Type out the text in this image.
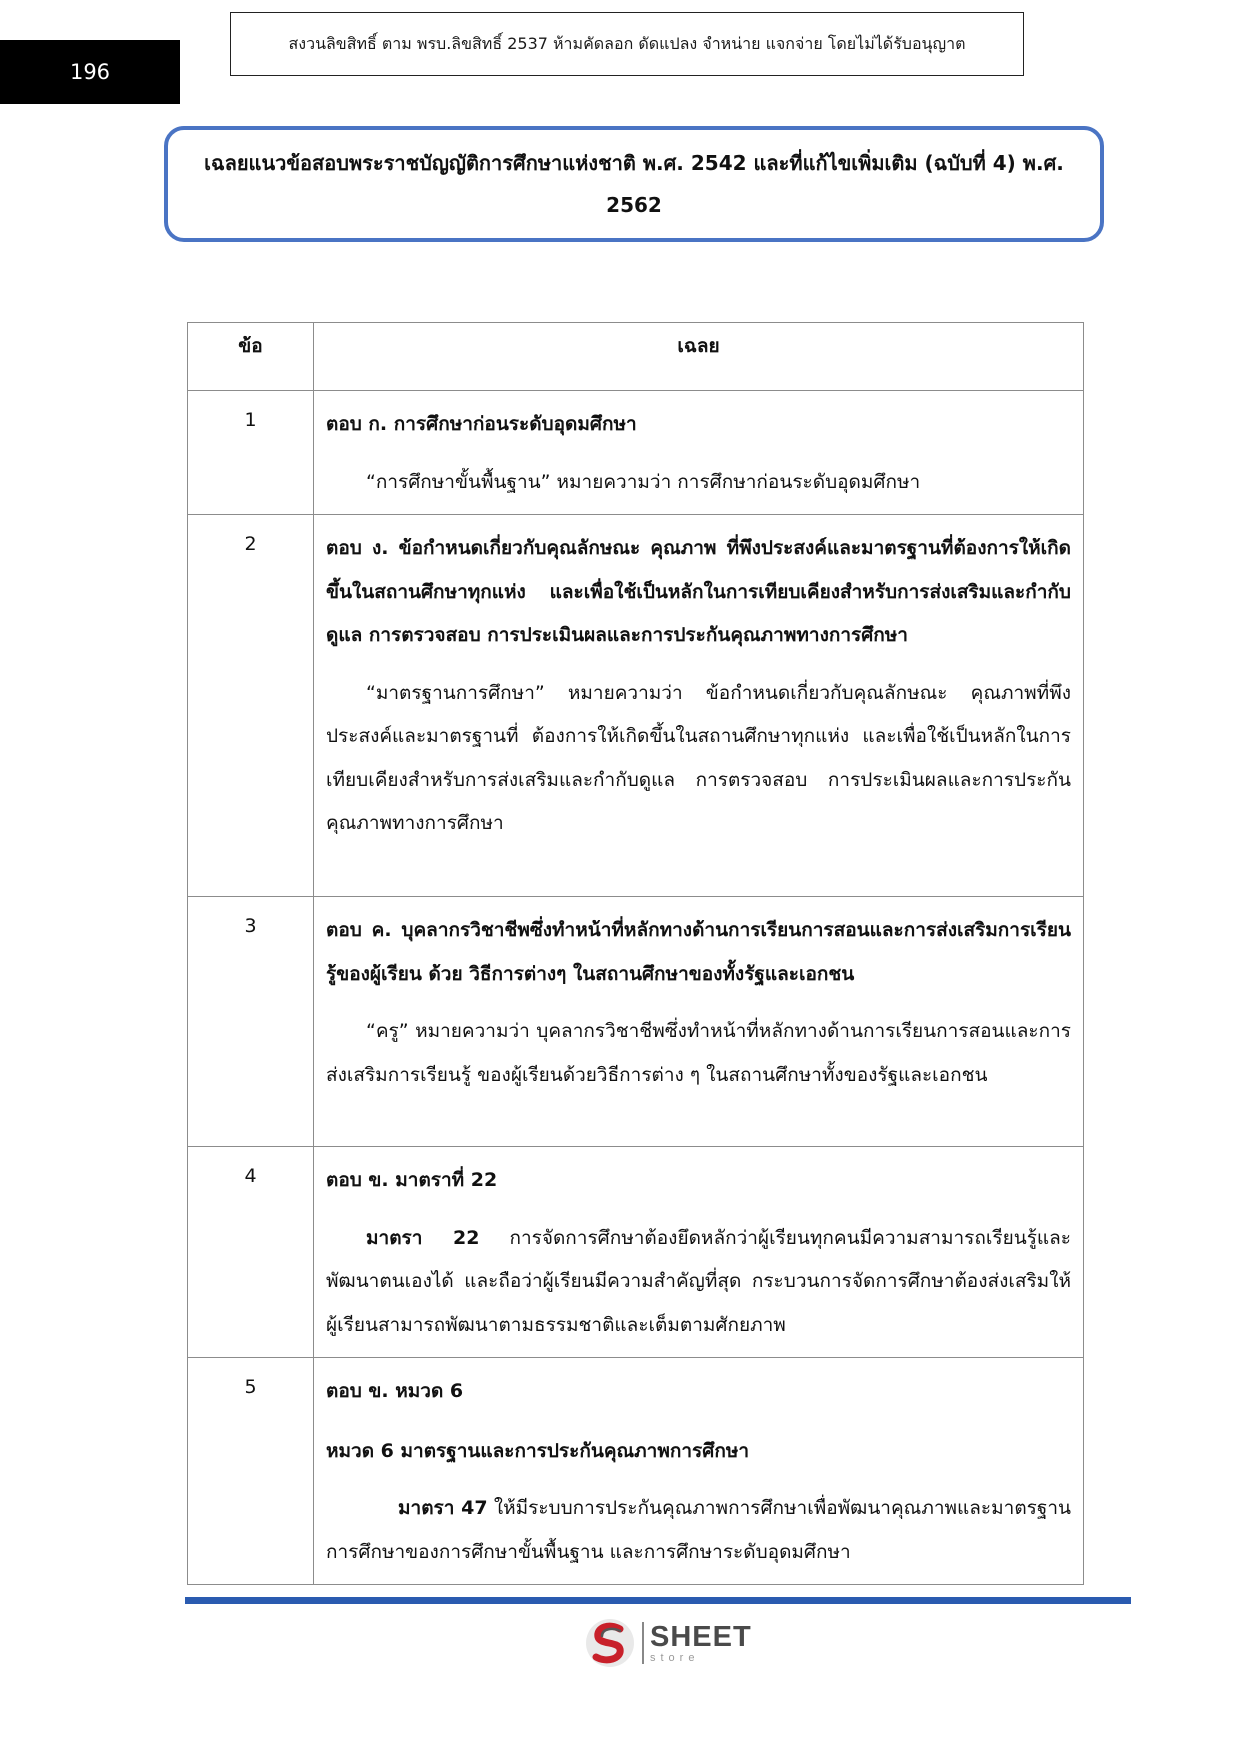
196
สงวนลิขสิทธิ์ ตาม พรบ.ลิขสิทธิ์ 2537 ห้ามคัดลอก ดัดแปลง จำหน่าย แจกจ่าย โดยไม่ได้รับอนุญาต
เฉลยแนวข้อสอบพระราชบัญญัติการศึกษาแห่งชาติ พ.ศ. 2542 และที่แก้ไขเพิ่มเติม (ฉบับที่ 4) พ.ศ. 2562
ข้อ	เฉลย
1	ตอบ ก. การศึกษาก่อนระดับอุดมศึกษา
“การศึกษาขั้นพื้นฐาน” หมายความว่า การศึกษาก่อนระดับอุดมศึกษา

2	ตอบ ง. ข้อกำหนดเกี่ยวกับคุณลักษณะ คุณภาพ ที่พึงประสงค์และมาตรฐานที่ต้องการให้เกิดขึ้นในสถานศึกษาทุกแห่ง และเพื่อใช้เป็นหลักในการเทียบเคียงสำหรับการส่งเสริมและกำกับดูแล การตรวจสอบ การประเมินผลและการประกันคุณภาพทางการศึกษา
“มาตรฐานการศึกษา” หมายความว่า ข้อกำหนดเกี่ยวกับคุณลักษณะ คุณภาพที่พึงประสงค์และมาตรฐานที่ ต้องการให้เกิดขึ้นในสถานศึกษาทุกแห่ง และเพื่อใช้เป็นหลักในการเทียบเคียงสำหรับการส่งเสริมและกำกับดูแล การตรวจสอบ การประเมินผลและการประกันคุณภาพทางการศึกษา

3	ตอบ ค. บุคลากรวิชาชีพซึ่งทำหน้าที่หลักทางด้านการเรียนการสอนและการส่งเสริมการเรียนรู้ของผู้เรียน ด้วย วิธีการต่างๆ ในสถานศึกษาของทั้งรัฐและเอกชน
“ครู” หมายความว่า บุคลากรวิชาชีพซึ่งทำหน้าที่หลักทางด้านการเรียนการสอนและการส่งเสริมการเรียนรู้ ของผู้เรียนด้วยวิธีการต่าง ๆ ในสถานศึกษาทั้งของรัฐและเอกชน

4	ตอบ ข. มาตราที่ 22
มาตรา 22 การจัดการศึกษาต้องยึดหลักว่าผู้เรียนทุกคนมีความสามารถเรียนรู้และพัฒนาตนเองได้ และถือว่าผู้เรียนมีความสำคัญที่สุด กระบวนการจัดการศึกษาต้องส่งเสริมให้ผู้เรียนสามารถพัฒนาตามธรรมชาติและเต็มตามศักยภาพ

5	ตอบ ข. หมวด 6
หมวด 6 มาตรฐานและการประกันคุณภาพการศึกษา
มาตรา 47 ให้มีระบบการประกันคุณภาพการศึกษาเพื่อพัฒนาคุณภาพและมาตรฐานการศึกษาของการศึกษาขั้นพื้นฐาน และการศึกษาระดับอุดมศึกษา
SHEET
store
